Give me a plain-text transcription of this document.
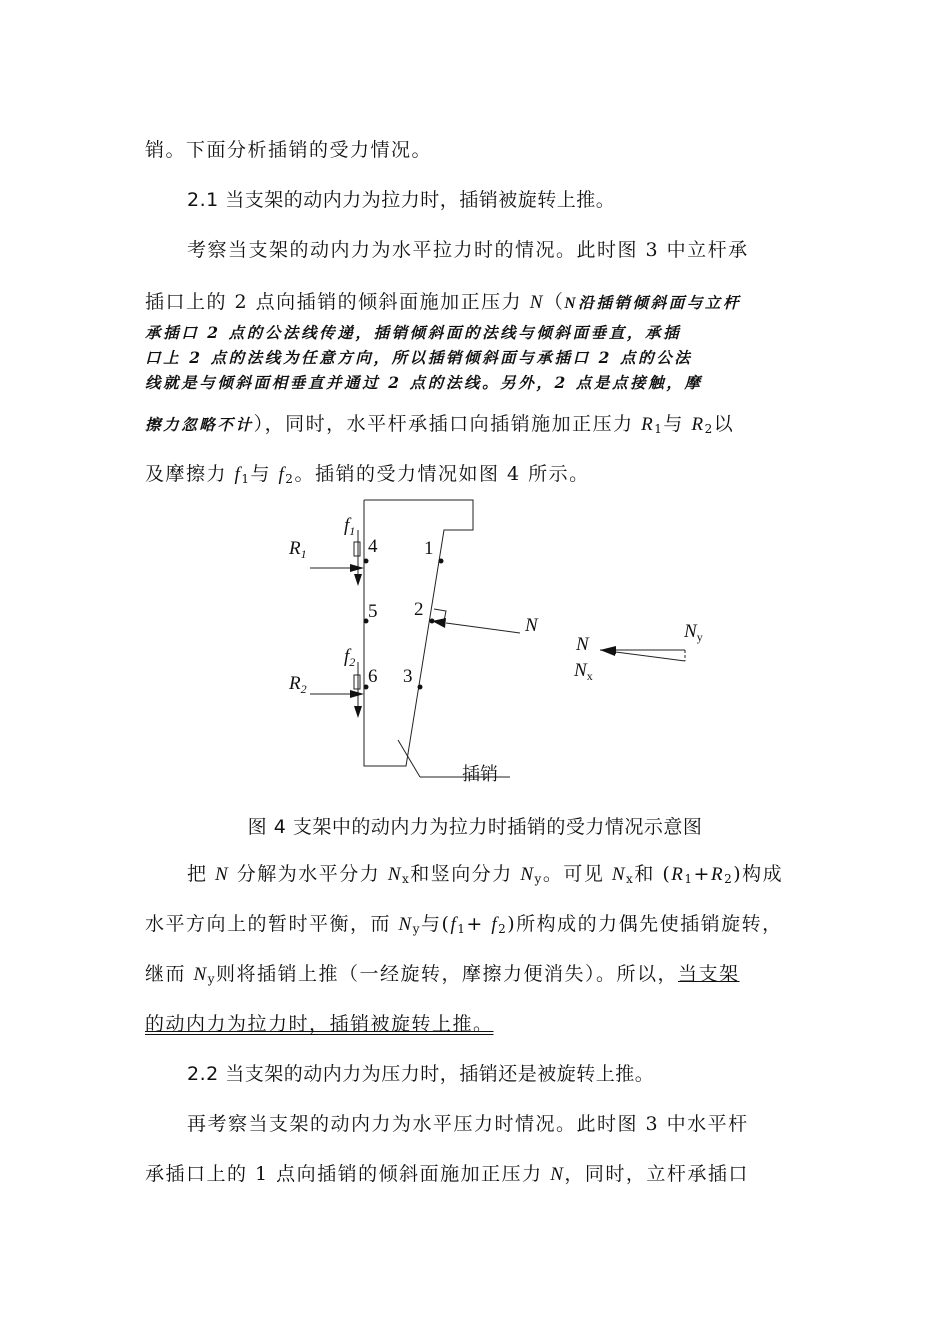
销。下面分析插销的受力情况。
2.1 当支架的动内力为拉力时，插销被旋转上推。
考察当支架的动内力为水平拉力时的情况。此时图 3 中立杆承
插口上的 2 点向插销的倾斜面施加正压力 N（N沿插销倾斜面与立杆
承插口 2 点的公法线传递，插销倾斜面的法线与倾斜面垂直，承插
口上 2 点的法线为任意方向，所以插销倾斜面与承插口 2 点的公法
线就是与倾斜面相垂直并通过 2 点的法线。另外，2 点是点接触，摩
擦力忽略不计），同时，水平杆承插口向插销施加正压力 $R_1$与 $R_2$以
及摩擦力 $f_1$与 $f_2$。插销的受力情况如图 4 所示。
$f_1$
$R_1$
$f_2$
$R_2$
1
2
3
4
5
6
N
N
$N_y$
$N_x$
插销
图 4 支架中的动内力为拉力时插销的受力情况示意图
把 N 分解为水平分力 $N_x$和竖向分力 $N_y$。可见 $N_x$和 $(R_1+R_2)$构成
水平方向上的暂时平衡，而 $N_y$与$(f_1+ f_2)$所构成的力偶先使插销旋转，
继而 $N_y$则将插销上推（一经旋转，摩擦力便消失）。所以，当支架
的动内力为拉力时，插销被旋转上推。
2.2 当支架的动内力为压力时，插销还是被旋转上推。
再考察当支架的动内力为水平压力时情况。此时图 3 中水平杆
承插口上的 1 点向插销的倾斜面施加正压力 N，同时，立杆承插口
